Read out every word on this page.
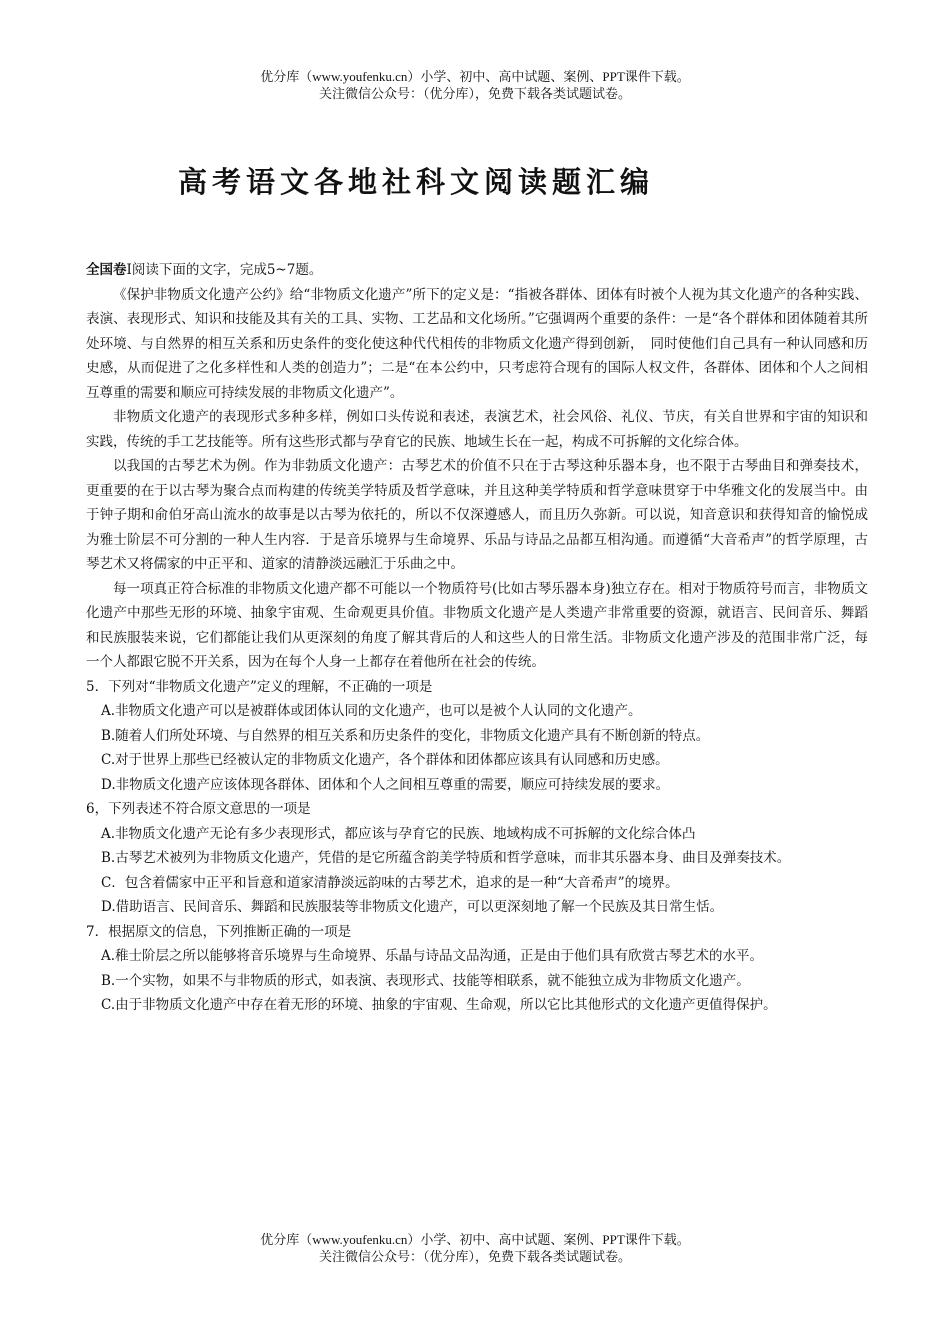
优分库（www.youfenku.cn）小学、初中、高中试题、案例、PPT课件下载。
关注微信公众号：（优分库），免费下载各类试题试卷。
高考语文各地社科文阅读题汇编

全国卷Ⅰ阅读下面的文字，完成5~7题。

《保护非物质文化遗产公约》给“非物质文化遗产”所下的定义是：“指被各群体、团体有时被个人视为其文化遗产的各种实践、表演、表现形式、知识和技能及其有关的工具、实物、工艺品和文化场所。”它强调两个重要的条件：一是“各个群体和团体随着其所处环境、与自然界的相互关系和历史条件的变化使这种代代相传的非物质文化遗产得到创新，　同时使他们自己具有一种认同感和历史感，从而促进了之化多样性和人类的创造力”；二是“在本公约中，只考虑符合现有的国际人权文件，各群体、团体和个人之间相互尊重的需要和顺应可持续发展的非物质文化遗产”。

非物质文化遗产的表现形式多种多样，例如口头传说和表述，表演艺术，社会风俗、礼仪、节庆，有关自世界和宇宙的知识和实践，传统的手工艺技能等。所有这些形式都与孕育它的民族、地域生长在一起，构成不可拆解的文化综合体。

以我国的古琴艺术为例。作为非勃质文化遗产：古琴艺术的价值不只在于古琴这种乐器本身，也不限于古琴曲目和弹奏技术，更重要的在于以古琴为聚合点而构建的传统美学特质及哲学意味，并且这种美学特质和哲学意味贯穿于中华雅文化的发展当中。由于钟子期和俞伯牙高山流水的故事是以古琴为依托的，所以不仅深遵感人，而且历久弥新。可以说，知音意识和获得知音的愉悦成为雅士阶层不可分割的一种人生内容．于是音乐境界与生命境界、乐品与诗品之品都互相沟通。而遵循“大音希声”的哲学原理，古琴艺术又将儒家的中正平和、道家的清静淡远融汇于乐曲之中。

每一项真正符合标准的非物质文化遗产都不可能以一个物质符号(比如古琴乐器本身)独立存在。相对于物质符号而言，非物质文化遗产中那些无形的环境、抽象宇宙观、生命观更具价值。非物质文化遗产是人类遗产非常重要的资源，就语言、民间音乐、舞蹈和民族服装来说，它们都能让我们从更深刻的角度了解其背后的人和这些人的日常生活。非物质文化遗产涉及的范围非常广泛，每一个人都跟它脱不开关系，因为在每个人身一上都存在着他所在社会的传统。

5．下列对“非物质文化遗产”定义的理解，不正确的一项是

A.非物质文化遗产可以是被群体或团体认同的文化遗产，也可以是被个人认同的文化遗产。

B.随着人们所处环境、与自然界的相互关系和历史条件的变化，非物质文化遗产具有不断创新的特点。

C.对于世界上那些已经被认定的非物质文化遗产，各个群体和团体都应该具有认同感和历史感。

D.非物质文化遗产应该体现各群体、团体和个人之间相互尊重的需要，顺应可持续发展的要求。

6，下列表述不符合原文意思的一项是

A.非物质文化遗产无论有多少表现形式，都应该与孕育它的民族、地域构成不可拆解的文化综合体凸

B.古琴艺术被列为非物质文化遗产，凭借的是它所蕴含韵美学特质和哲学意味，而非其乐器本身、曲目及弹奏技术。

C．包含着儒家中正平和旨意和道家清静淡远韵味的古琴艺术，追求的是一种“大音希声”的境界。

D.借助语言、民间音乐、舞蹈和民族服装等非物质文化遗产，可以更深刻地了解一个民族及其日常生恬。

7．根据原文的信息，下列推断正确的一项是

A.稚士阶层之所以能够将音乐境界与生命境界、乐晶与诗品文品沟通，正是由于他们具有欣赏古琴艺术的水平。

B.一个实物，如果不与非物质的形式，如表演、表现形式、技能等相联系，就不能独立成为非物质文化遗产。

C.由于非物质文化遗产中存在着无形的环境、抽象的宇宙观、生命观，所以它比其他形式的文化遗产更值得保护。

优分库（www.youfenku.cn）小学、初中、高中试题、案例、PPT课件下载。
关注微信公众号：（优分库），免费下载各类试题试卷。
